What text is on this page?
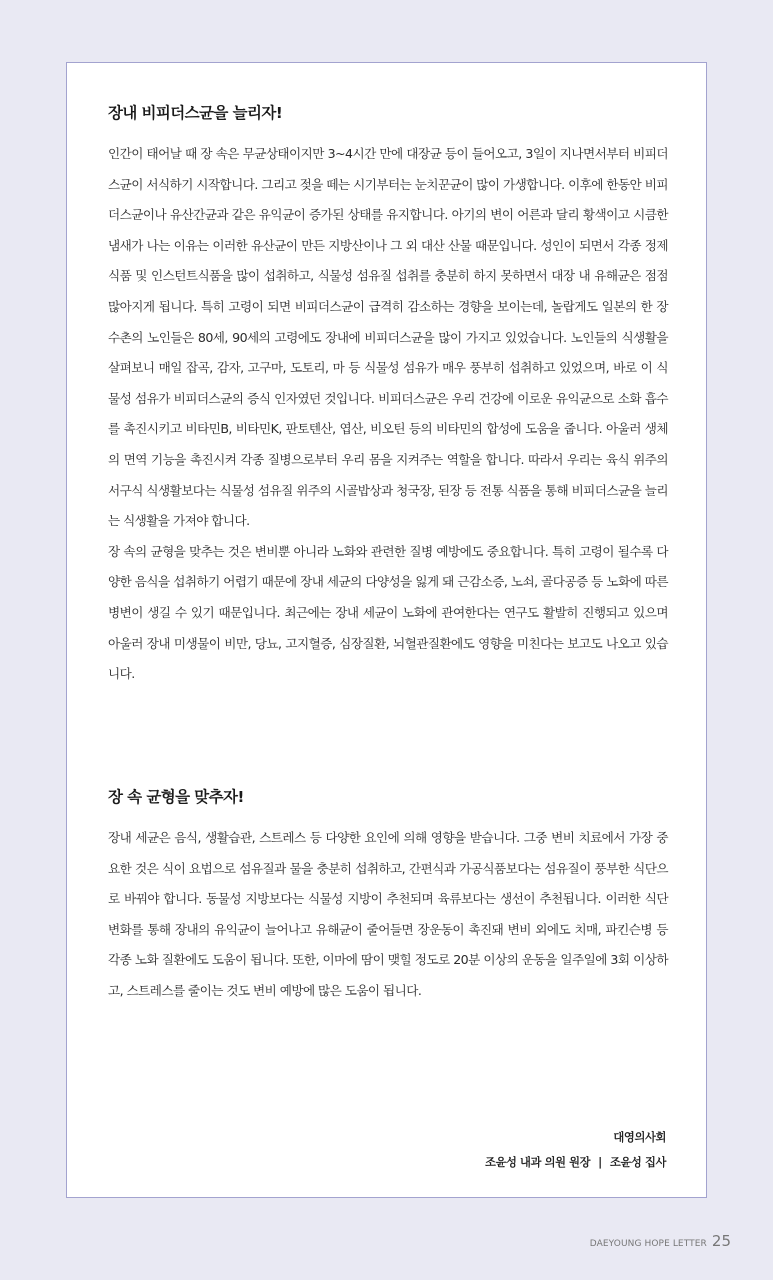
장내 비피더스균을 늘리자!

인간이 태어날 때 장 속은 무균상태이지만 3~4시간 만에 대장균 등이 들어오고, 3일이 지나면서부터 비피더스균이 서식하기 시작합니다. 그리고 젖을 떼는 시기부터는 눈치꾼균이 많이 가생합니다. 이후에 한동안 비피더스균이나 유산간균과 같은 유익균이 증가된 상태를 유지합니다. 아기의 변이 어른과 달리 황색이고 시큼한 냄새가 나는 이유는 이러한 유산균이 만든 지방산이나 그 외 대산 산물 때문입니다. 성인이 되면서 각종 정제 식품 및 인스턴트식품을 많이 섭취하고, 식물성 섬유질 섭취를 충분히 하지 못하면서 대장 내 유해균은 점점 많아지게 됩니다. 특히 고령이 되면 비피더스균이 급격히 감소하는 경향을 보이는데, 놀랍게도 일본의 한 장수촌의 노인들은 80세, 90세의 고령에도 장내에 비피더스균을 많이 가지고 있었습니다. 노인들의 식생활을 살펴보니 매일 잡곡, 감자, 고구마, 도토리, 마 등 식물성 섬유가 매우 풍부히 섭취하고 있었으며, 바로 이 식물성 섬유가 비피더스균의 증식 인자였던 것입니다. 비피더스균은 우리 건강에 이로운 유익균으로 소화 흡수를 촉진시키고 비타민B, 비타민K, 판토텐산, 엽산, 비오틴 등의 비타민의 합성에 도움을 줍니다. 아울러 생체의 면역 기능을 촉진시켜 각종 질병으로부터 우리 몸을 지켜주는 역할을 합니다. 따라서 우리는 육식 위주의 서구식 식생활보다는 식물성 섬유질 위주의 시골밥상과 청국장, 된장 등 전통 식품을 통해 비피더스균을 늘리는 식생활을 가져야 합니다.

장 속의 균형을 맞추는 것은 변비뿐 아니라 노화와 관련한 질병 예방에도 중요합니다. 특히 고령이 될수록 다양한 음식을 섭취하기 어렵기 때문에 장내 세균의 다양성을 잃게 돼 근감소증, 노쇠, 골다공증 등 노화에 따른 병변이 생길 수 있기 때문입니다. 최근에는 장내 세균이 노화에 관여한다는 연구도 활발히 진행되고 있으며 아울러 장내 미생물이 비만, 당뇨, 고지혈증, 심장질환, 뇌혈관질환에도 영향을 미친다는 보고도 나오고 있습니다.

장 속 균형을 맞추자!

장내 세균은 음식, 생활습관, 스트레스 등 다양한 요인에 의해 영향을 받습니다. 그중 변비 치료에서 가장 중요한 것은 식이 요법으로 섬유질과 물을 충분히 섭취하고, 간편식과 가공식품보다는 섬유질이 풍부한 식단으로 바꿔야 합니다. 동물성 지방보다는 식물성 지방이 추천되며 육류보다는 생선이 추천됩니다. 이러한 식단 변화를 통해 장내의 유익균이 늘어나고 유해균이 줄어들면 장운동이 촉진돼 변비 외에도 치매, 파킨슨병 등 각종 노화 질환에도 도움이 됩니다. 또한, 이마에 땀이 맺힐 정도로 20분 이상의 운동을 일주일에 3회 이상하고, 스트레스를 줄이는 것도 변비 예방에 많은 도움이 됩니다.

대영의사회
조윤성 내과 의원 원장 | 조윤성 집사
DAEYOUNG HOPE LETTER 25
